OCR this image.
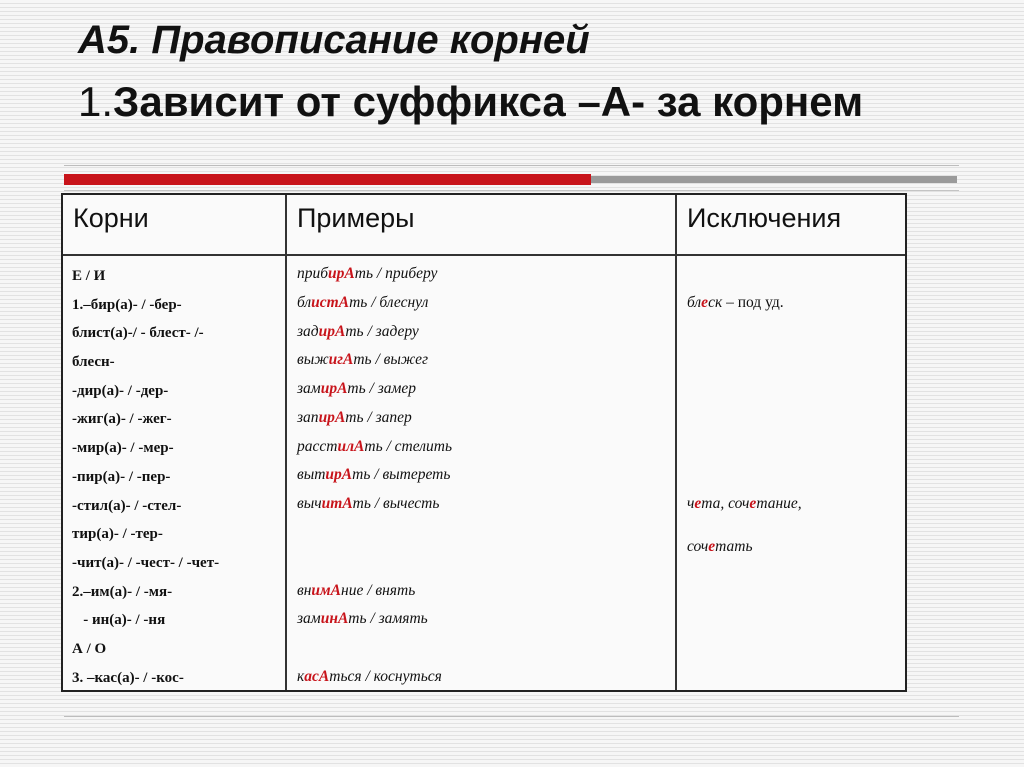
А5. Правописание корней
1.Зависит от суффикса –А- за корнем
Корни	Примеры	Исключения
Е / И
1.–бир(а)- / -бер-
блист(а)-/ - блест- /-
блесн-
-дир(а)- / -дер-
-жиг(а)- / -жег-
-мир(а)- / -мер-
-пир(а)- / -пер-
-стил(а)- / -стел-
тир(а)- / -тер-
-чит(а)- / -чест- / -чет-
2.–им(а)- / -мя-
- ин(а)- / -ня
А / О
3. –кас(а)- / -кос-
прибирАть / приберу
блистАть / блеснул
задирАть / задеру
выжигАть / выжег
замирАть / замер
запирАть / запер
расстилАть / стелить
вытирАть / вытереть
вычитАть / вычесть
внимАние / внять
заминАть / замять
касАться / коснуться
блеск – под уд.
чета, сочетание,
сочетать
